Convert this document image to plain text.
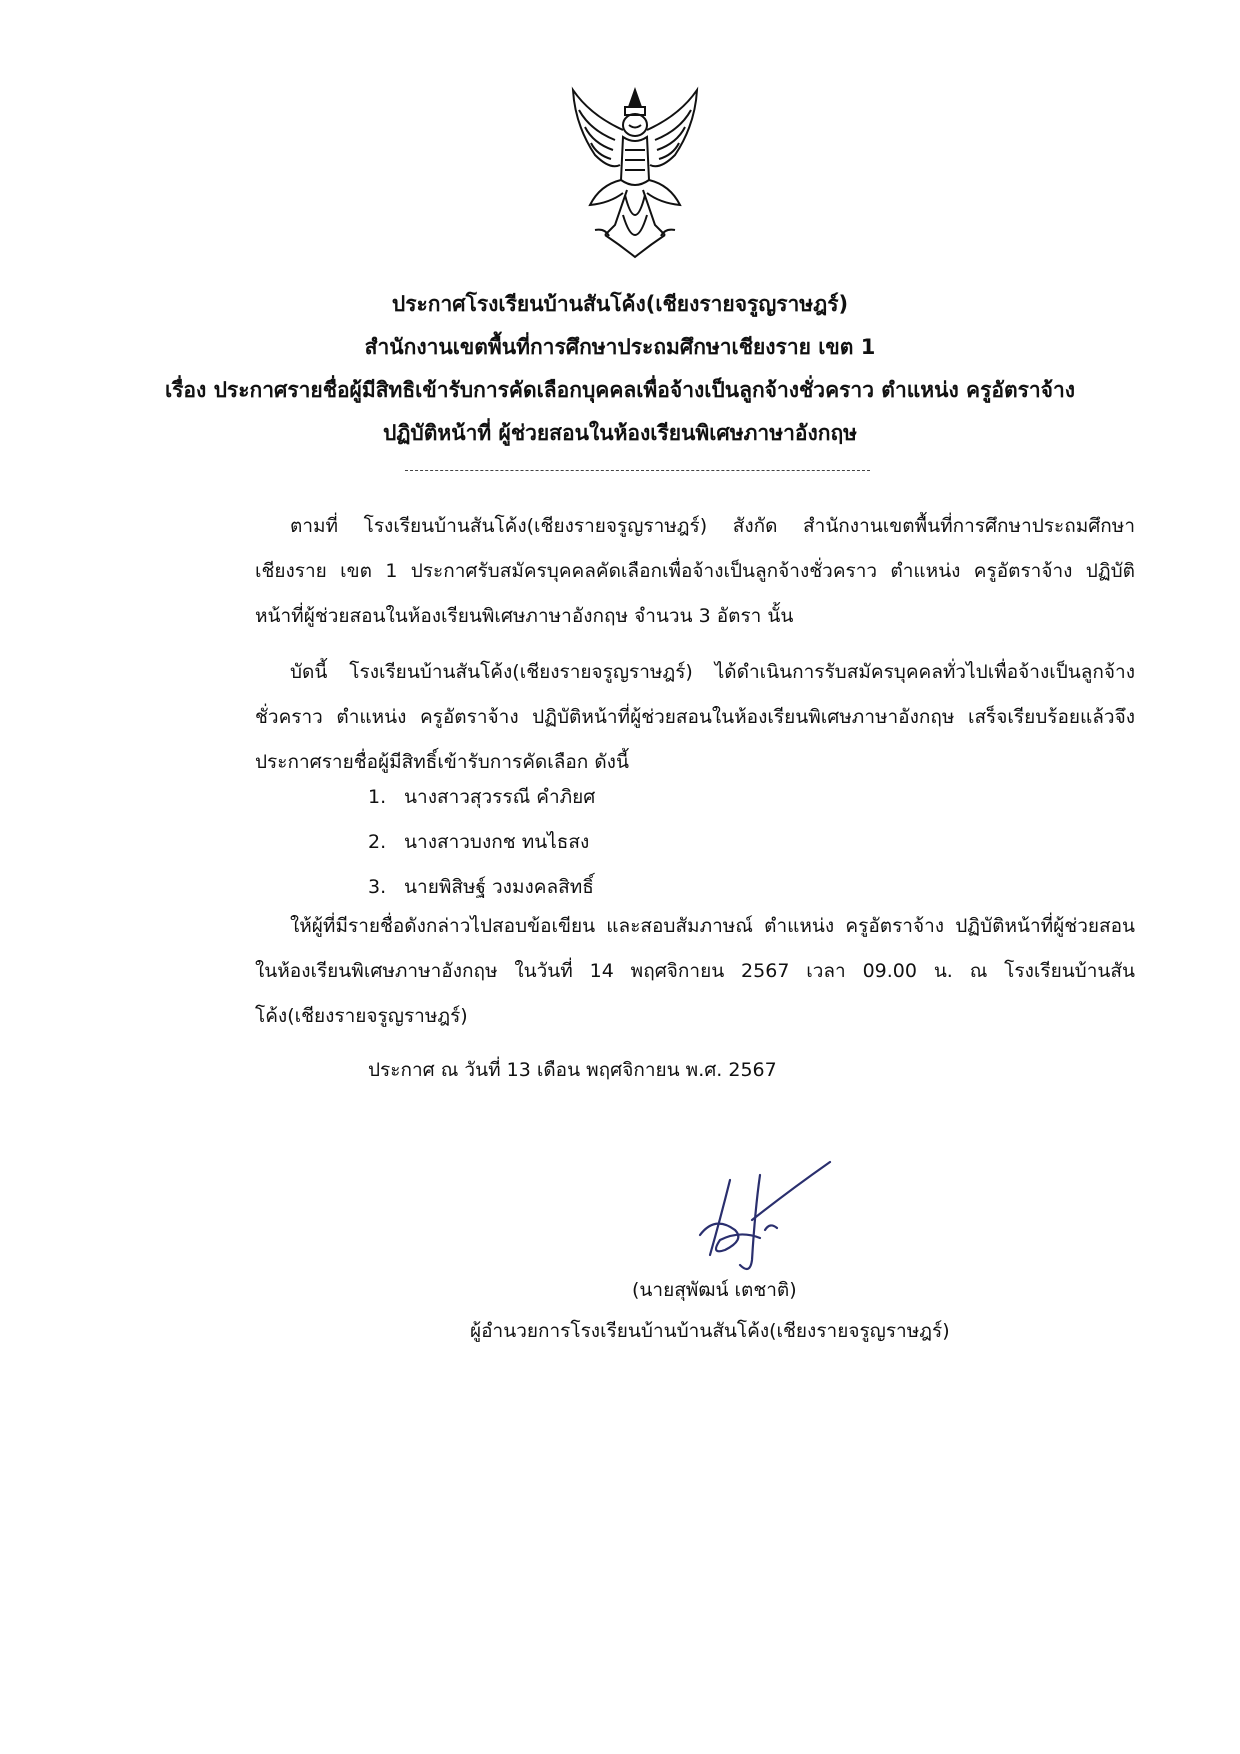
ประกาศโรงเรียนบ้านสันโค้ง(เชียงรายจรูญราษฎร์)
สำนักงานเขตพื้นที่การศึกษาประถมศึกษาเชียงราย เขต 1
เรื่อง ประกาศรายชื่อผู้มีสิทธิเข้ารับการคัดเลือกบุคคลเพื่อจ้างเป็นลูกจ้างชั่วคราว ตำแหน่ง ครูอัตราจ้าง
ปฏิบัติหน้าที่ ผู้ช่วยสอนในห้องเรียนพิเศษภาษาอังกฤษ
ตามที่ โรงเรียนบ้านสันโค้ง(เชียงรายจรูญราษฎร์) สังกัด สำนักงานเขตพื้นที่การศึกษาประถมศึกษาเชียงราย เขต 1 ประกาศรับสมัครบุคคลคัดเลือกเพื่อจ้างเป็นลูกจ้างชั่วคราว ตำแหน่ง ครูอัตราจ้าง ปฏิบัติหน้าที่ผู้ช่วยสอนในห้องเรียนพิเศษภาษาอังกฤษ จำนวน 3 อัตรา นั้น
บัดนี้ โรงเรียนบ้านสันโค้ง(เชียงรายจรูญราษฎร์) ได้ดำเนินการรับสมัครบุคคลทั่วไปเพื่อจ้างเป็นลูกจ้างชั่วคราว ตำแหน่ง ครูอัตราจ้าง ปฏิบัติหน้าที่ผู้ช่วยสอนในห้องเรียนพิเศษภาษาอังกฤษ เสร็จเรียบร้อยแล้วจึงประกาศรายชื่อผู้มีสิทธิ์เข้ารับการคัดเลือก ดังนี้
1. นางสาวสุวรรณี คำภิยศ
2. นางสาวบงกช ทนไธสง
3. นายพิสิษฐ์ วงมงคลสิทธิ์
ให้ผู้ที่มีรายชื่อดังกล่าวไปสอบข้อเขียน และสอบสัมภาษณ์ ตำแหน่ง ครูอัตราจ้าง ปฏิบัติหน้าที่ผู้ช่วยสอนในห้องเรียนพิเศษภาษาอังกฤษ ในวันที่ 14 พฤศจิกายน 2567 เวลา 09.00 น. ณ โรงเรียนบ้านสันโค้ง(เชียงรายจรูญราษฎร์)
ประกาศ ณ วันที่ 13 เดือน พฤศจิกายน พ.ศ. 2567
(นายสุพัฒน์ เตชาติ)
ผู้อำนวยการโรงเรียนบ้านบ้านสันโค้ง(เชียงรายจรูญราษฎร์)
